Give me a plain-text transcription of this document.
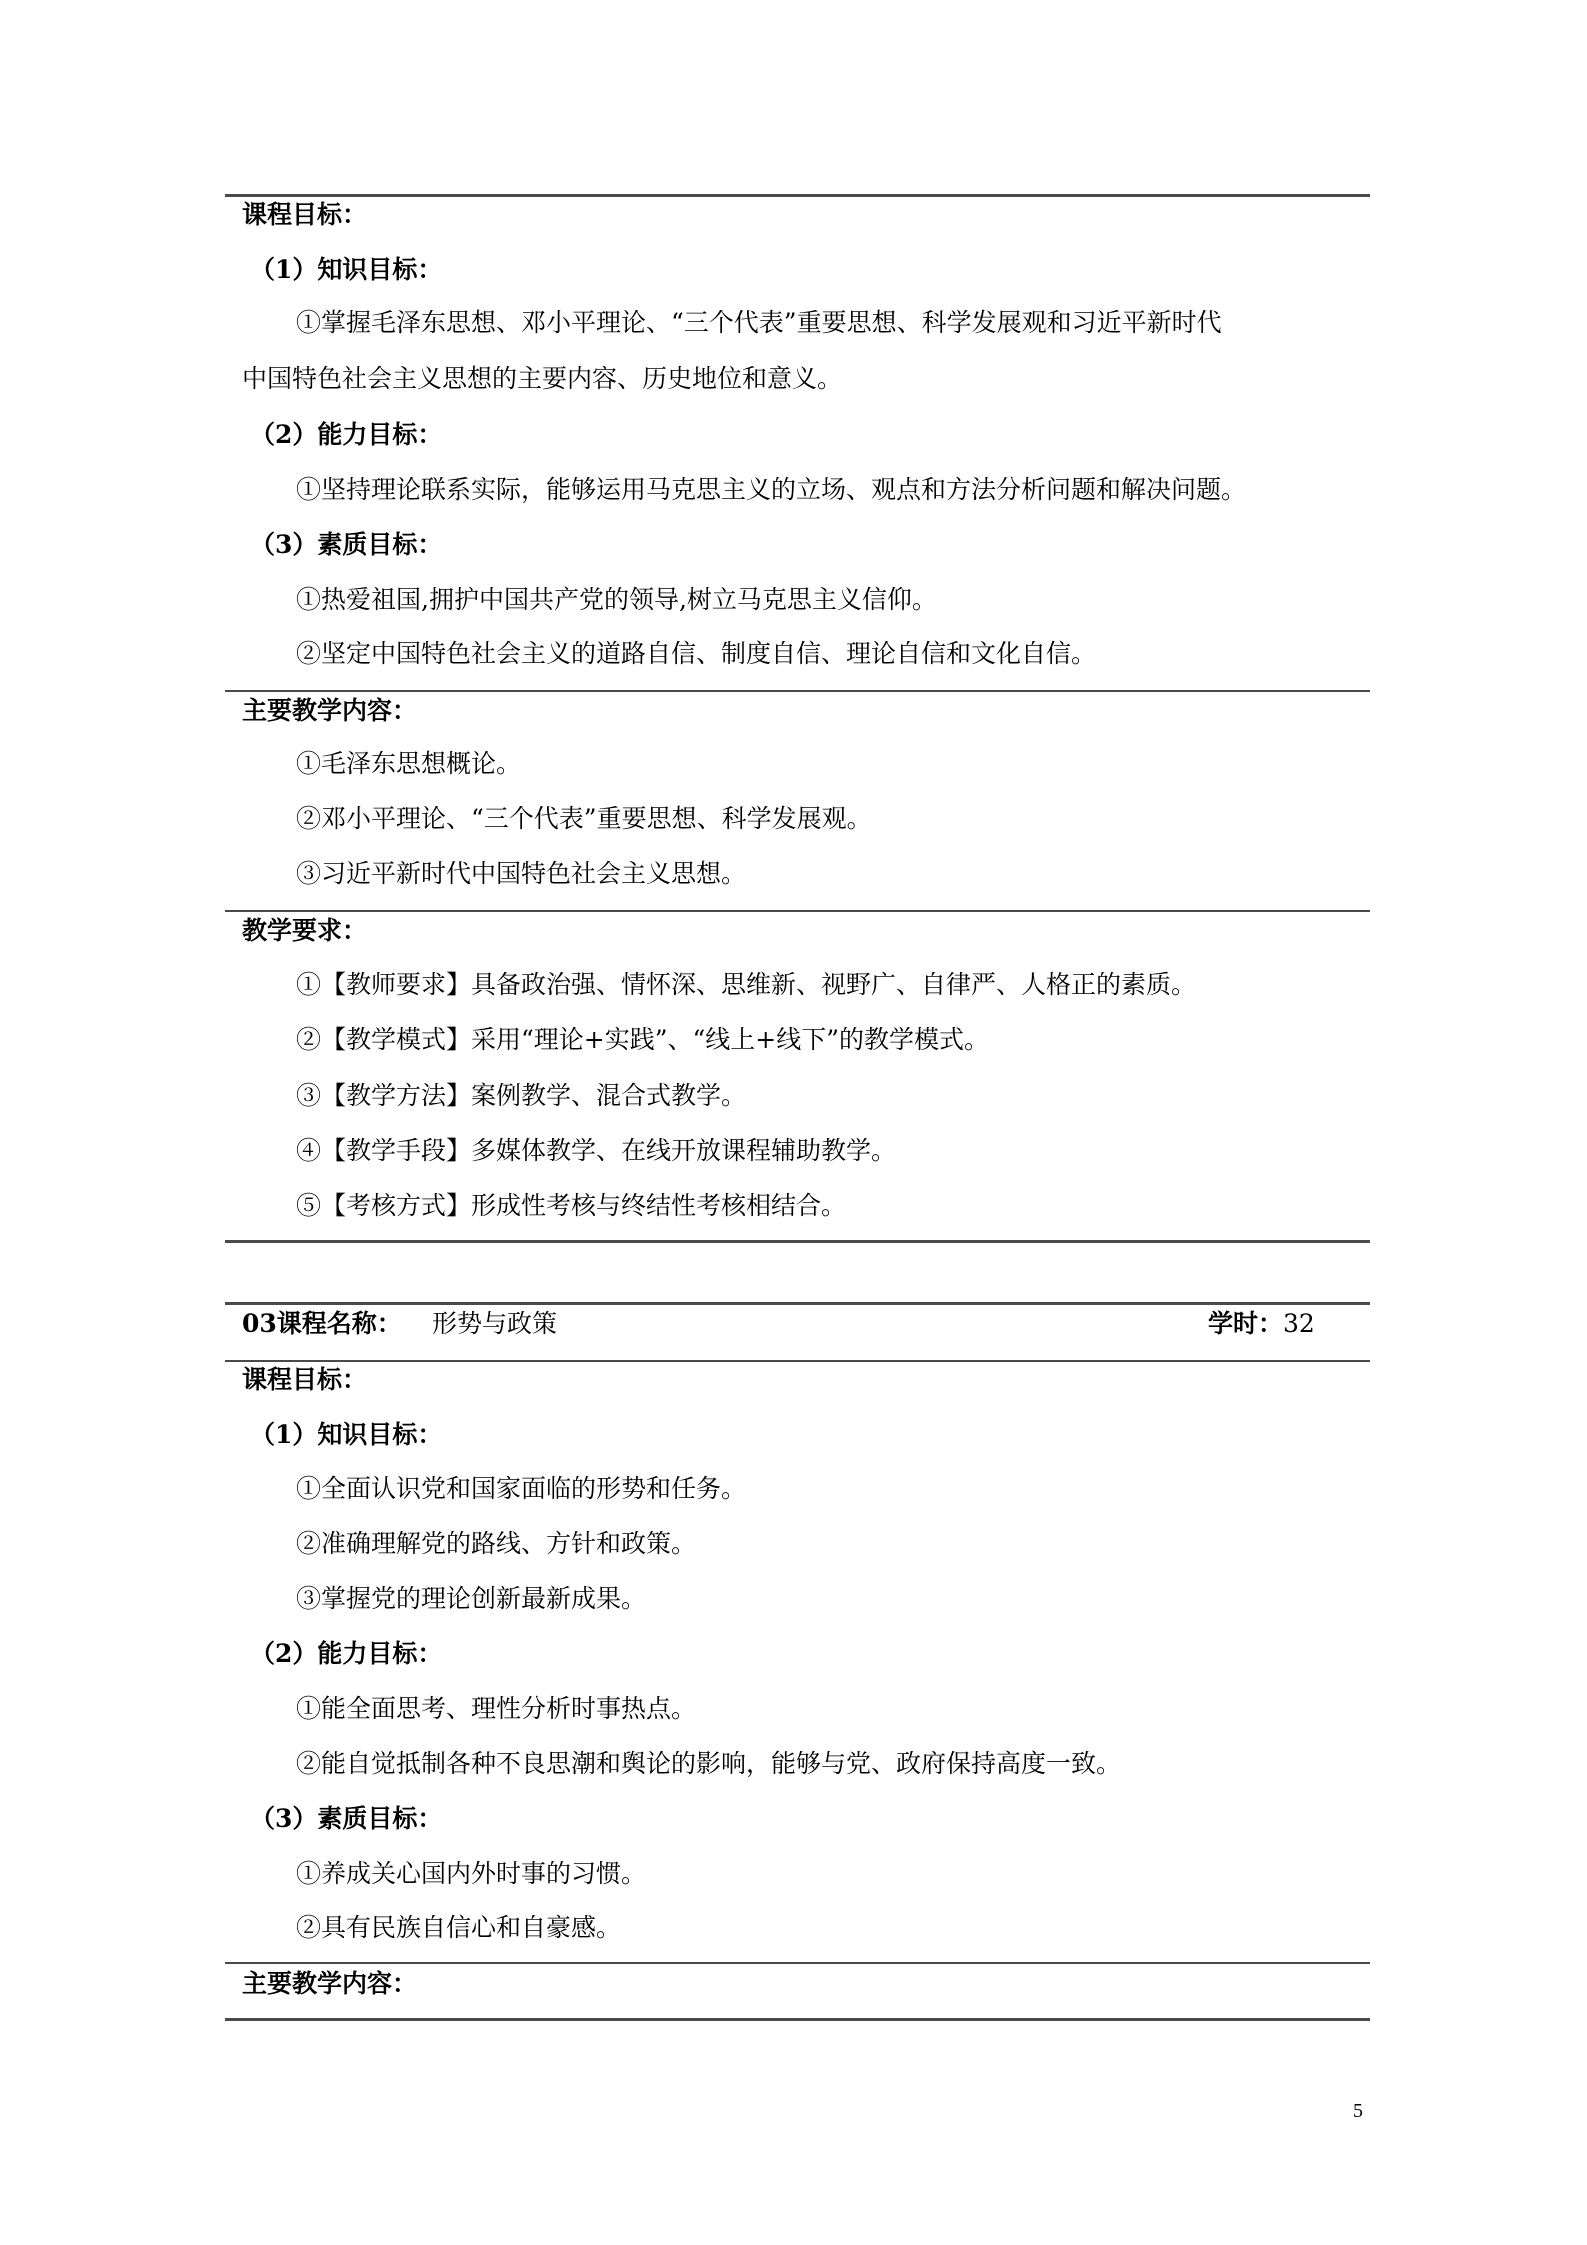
课程目标：
（1）知识目标：
①掌握毛泽东思想、邓小平理论、“三个代表”重要思想、科学发展观和习近平新时代
中国特色社会主义思想的主要内容、历史地位和意义。
（2）能力目标：
①坚持理论联系实际，能够运用马克思主义的立场、观点和方法分析问题和解决问题。
（3）素质目标：
①热爱祖国,拥护中国共产党的领导,树立马克思主义信仰。
②坚定中国特色社会主义的道路自信、制度自信、理论自信和文化自信。
主要教学内容：
①毛泽东思想概论。
②邓小平理论、“三个代表”重要思想、科学发展观。
③习近平新时代中国特色社会主义思想。
教学要求：
①【教师要求】具备政治强、情怀深、思维新、视野广、自律严、人格正的素质。
②【教学模式】采用“理论+实践”、“线上+线下”的教学模式。
③【教学方法】案例教学、混合式教学。
④【教学手段】多媒体教学、在线开放课程辅助教学。
⑤【考核方式】形成性考核与终结性考核相结合。
03课程名称： 形势与政策	学时：32
课程目标：
（1）知识目标：
①全面认识党和国家面临的形势和任务。
②准确理解党的路线、方针和政策。
③掌握党的理论创新最新成果。
（2）能力目标：
①能全面思考、理性分析时事热点。
②能自觉抵制各种不良思潮和舆论的影响，能够与党、政府保持高度一致。
（3）素质目标：
①养成关心国内外时事的习惯。
②具有民族自信心和自豪感。
主要教学内容：
5
